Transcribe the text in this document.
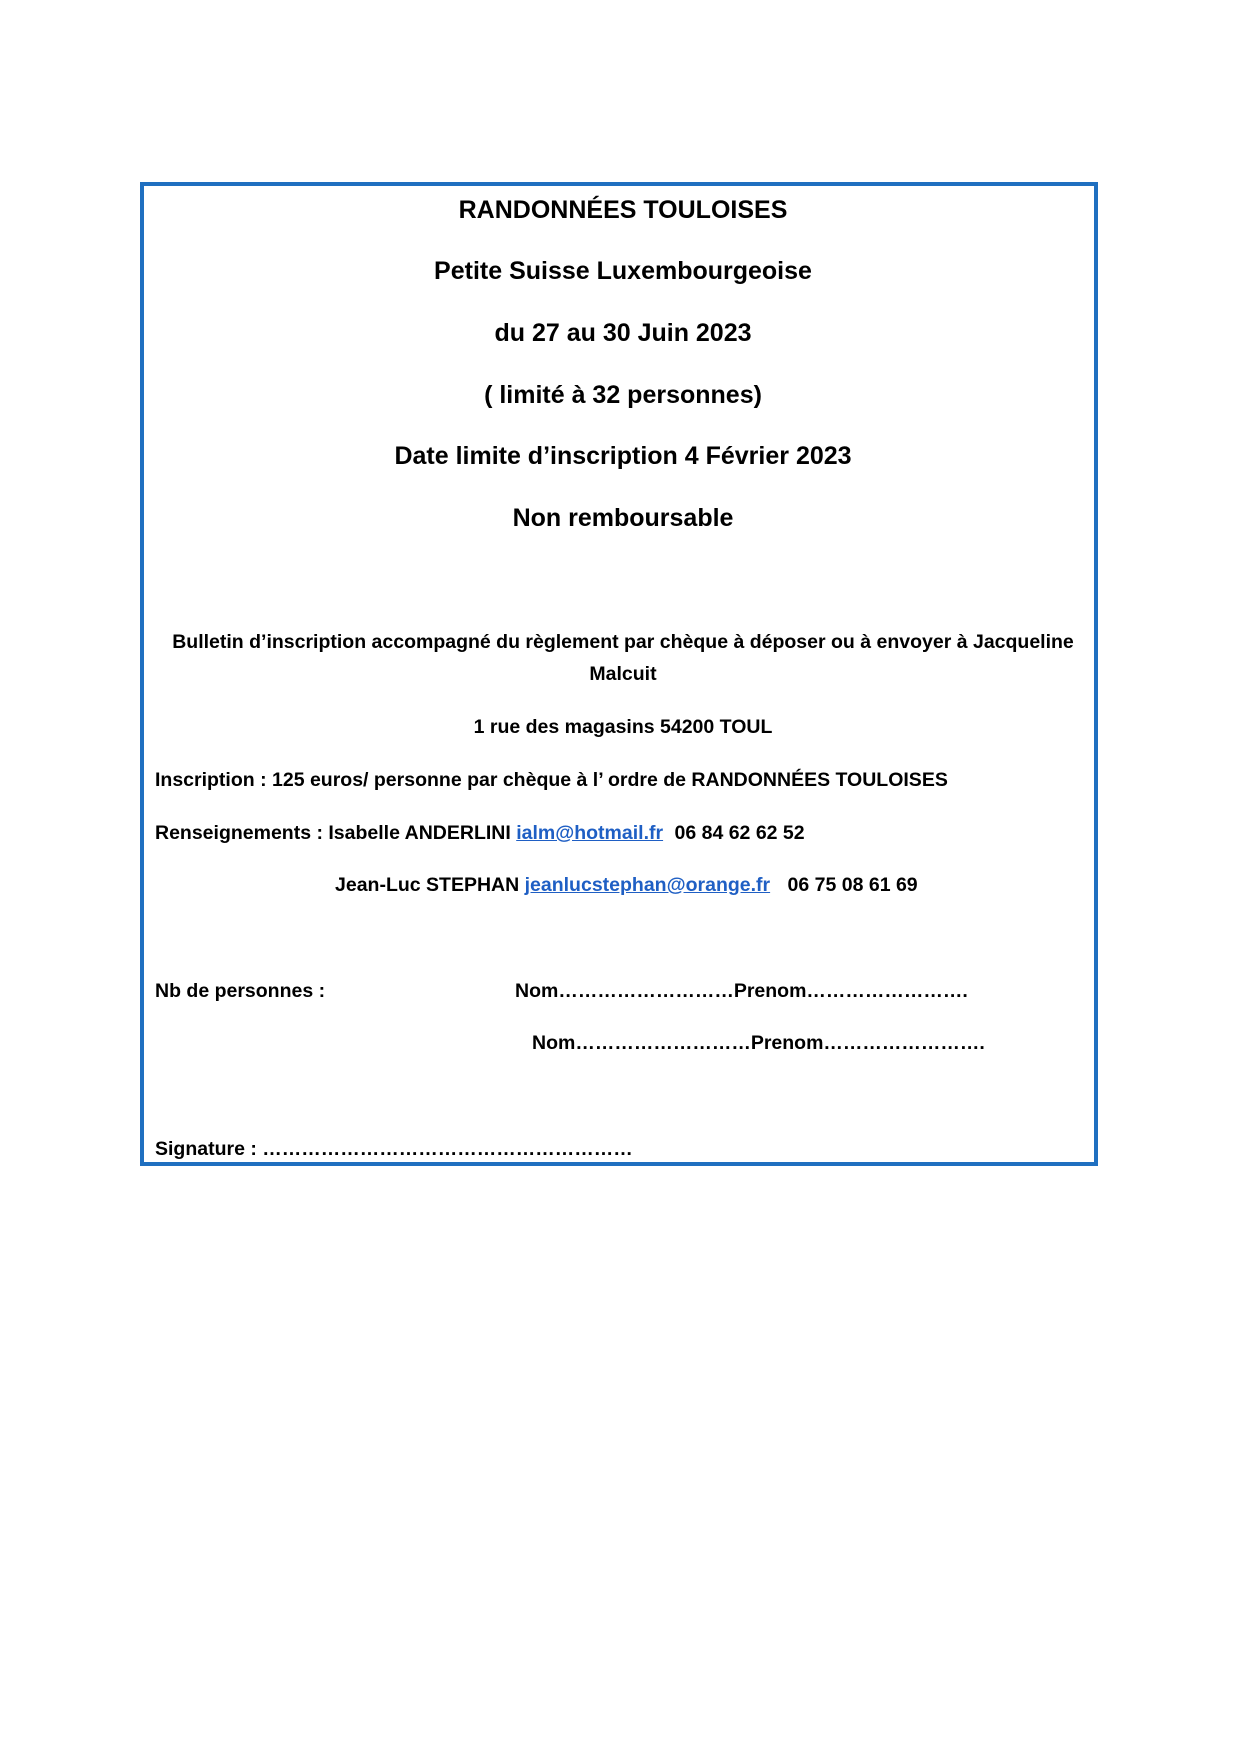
RANDONNÉES TOULOISES
Petite Suisse Luxembourgeoise
du 27 au 30 Juin 2023
( limité à 32 personnes)
Date limite d’inscription 4 Février 2023
Non remboursable
Bulletin d’inscription accompagné du règlement par chèque à déposer ou à envoyer à Jacqueline Malcuit
1 rue des magasins 54200 TOUL
Inscription : 125 euros/ personne par chèque à l’ ordre de RANDONNÉES TOULOISES
Renseignements : Isabelle ANDERLINI ialm@hotmail.fr 06 84 62 62 52
Jean-Luc STEPHAN jeanlucstephan@orange.fr 06 75 08 61 69
Nb de personnes :	Nom………………………Prenom…………………….
Nom………………………Prenom…………………….
Signature : …………………………………………………
